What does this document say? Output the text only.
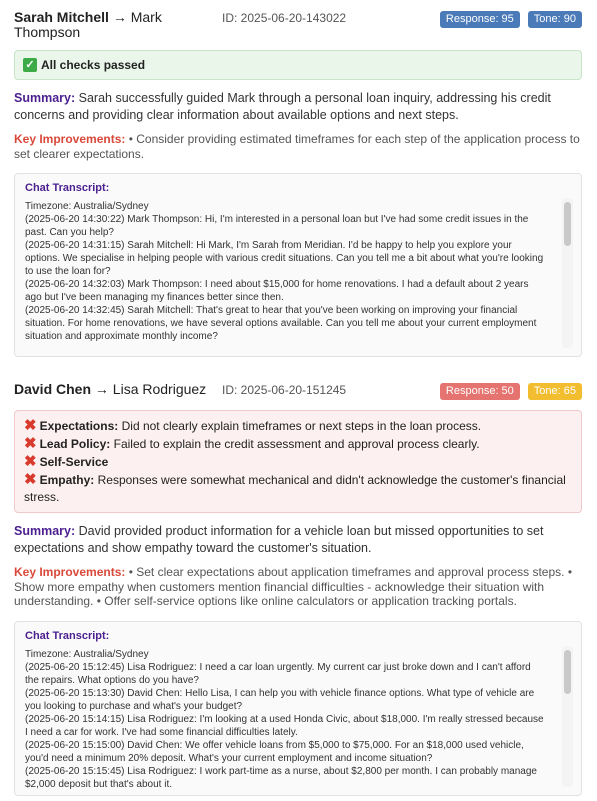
Sarah Mitchell → Mark Thompson
ID: 2025-06-20-143022	Response: 95	Tone: 90
✓ All checks passed
Summary: Sarah successfully guided Mark through a personal loan inquiry, addressing his credit concerns and providing clear information about available options and next steps.
Key Improvements: • Consider providing estimated timeframes for each step of the application process to set clearer expectations.
Chat Transcript:
Timezone: Australia/Sydney
(2025-06-20 14:30:22) Mark Thompson: Hi, I'm interested in a personal loan but I've had some credit issues in the past. Can you help?
(2025-06-20 14:31:15) Sarah Mitchell: Hi Mark, I'm Sarah from Meridian. I'd be happy to help you explore your options. We specialise in helping people with various credit situations. Can you tell me a bit about what you're looking to use the loan for?
(2025-06-20 14:32:03) Mark Thompson: I need about $15,000 for home renovations. I had a default about 2 years ago but I've been managing my finances better since then.
(2025-06-20 14:32:45) Sarah Mitchell: That's great to hear that you've been working on improving your financial situation. For home renovations, we have several options available. Can you tell me about your current employment situation and approximate monthly income?
David Chen → Lisa Rodriguez	ID: 2025-06-20-151245	Response: 50	Tone: 65
✖ Expectations: Did not clearly explain timeframes or next steps in the loan process.
✖ Lead Policy: Failed to explain the credit assessment and approval process clearly.
✖ Self-Service
✖ Empathy: Responses were somewhat mechanical and didn't acknowledge the customer's financial stress.
Summary: David provided product information for a vehicle loan but missed opportunities to set expectations and show empathy toward the customer's situation.
Key Improvements: • Set clear expectations about application timeframes and approval process steps. • Show more empathy when customers mention financial difficulties - acknowledge their situation with understanding. • Offer self-service options like online calculators or application tracking portals.
Chat Transcript:
Timezone: Australia/Sydney
(2025-06-20 15:12:45) Lisa Rodriguez: I need a car loan urgently. My current car just broke down and I can't afford the repairs. What options do you have?
(2025-06-20 15:13:30) David Chen: Hello Lisa, I can help you with vehicle finance options. What type of vehicle are you looking to purchase and what's your budget?
(2025-06-20 15:14:15) Lisa Rodriguez: I'm looking at a used Honda Civic, about $18,000. I'm really stressed because I need a car for work. I've had some financial difficulties lately.
(2025-06-20 15:15:00) David Chen: We offer vehicle loans from $5,000 to $75,000. For an $18,000 used vehicle, you'd need a minimum 20% deposit. What's your current employment and income situation?
(2025-06-20 15:15:45) Lisa Rodriguez: I work part-time as a nurse, about $2,800 per month. I can probably manage $2,000 deposit but that's about it.
